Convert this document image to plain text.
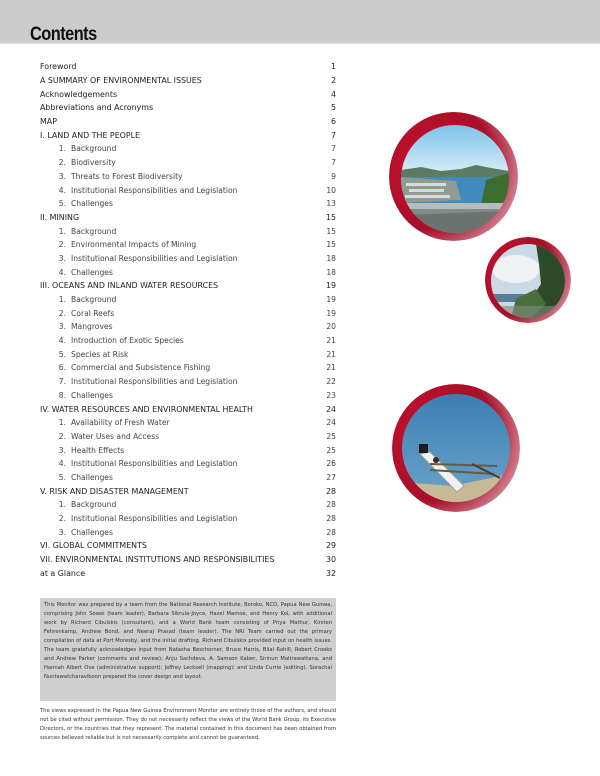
Contents
Foreword	1
A SUMMARY OF ENVIRONMENTAL ISSUES	2
Acknowledgements	4
Abbreviations and Acronyms	5
MAP	6
I. LAND AND THE PEOPLE	7
1. Background	7
2. Biodiversity	7
3. Threats to Forest Biodiversity	9
4. Institutional Responsibilities and Legislation	10
5. Challenges	13
II. MINING	15
1. Background	15
2. Environmental Impacts of Mining	15
3. Institutional Responsibilities and Legislation	18
4. Challenges	18
III. OCEANS AND INLAND WATER RESOURCES	19
1. Background	19
2. Coral Reefs	19
3. Mangroves	20
4. Introduction of Exotic Species	21
5. Species at Risk	21
6. Commercial and Subsistence Fishing	21
7. Institutional Responsibilities and Legislation	22
8. Challenges	23
IV. WATER RESOURCES AND ENVIRONMENTAL HEALTH	24
1. Availability of Fresh Water	24
2. Water Uses and Access	25
3. Health Effects	25
4. Institutional Responsibilities and Legislation	26
5. Challenges	27
V. RISK AND DISASTER MANAGEMENT	28
1. Background	28
2. Institutional Responsibilities and Legislation	28
3. Challenges	28
VI. GLOBAL COMMITMENTS	29
VII. ENVIRONMENTAL INSTITUTIONS AND RESPONSIBILITIES	30
at a Glance	32
This Monitor was prepared by a team from the National Research Institute, Boroko, NCD, Papua New Guinea, comprising John Sowei (team leader), Barbara Sikrula-Joyce, Hazel Mamoe, and Henry Kol, with additional work by Richard Cibulskis (consultant), and a World Bank team consisting of Priya Mathur, Kirsten Fehrenkamp, Andrew Bond, and Neeraj Prasad (team leader). The NRI Team carried out the primary compilation of data at Port Moresby, and the initial drafting. Richard Cibulskis provided input on health issues. The team gratefully acknowledges input from Natasha Beschorner, Bruce Harris, Bilal Rahill, Robert Crooks and Andrew Parker (comments and review); Anju Sachdeva, A. Samson Kaber, Sirinun Maltrawattana, and Hannah Albert Ove (administrative support); Jeffrey Lecksell (mapping); and Linda Currie (editing). Sorachai Nuntawatcharaviboon prepared the cover design and layout.
The views expressed in the Papua New Guinea Environment Monitor are entirely those of the authors, and should not be cited without permission. They do not necessarily reflect the views of the World Bank Group, its Executive Directors, or the countries that they represent. The material contained in this document has been obtained from sources believed reliable but is not necessarily complete and cannot be guaranteed.
